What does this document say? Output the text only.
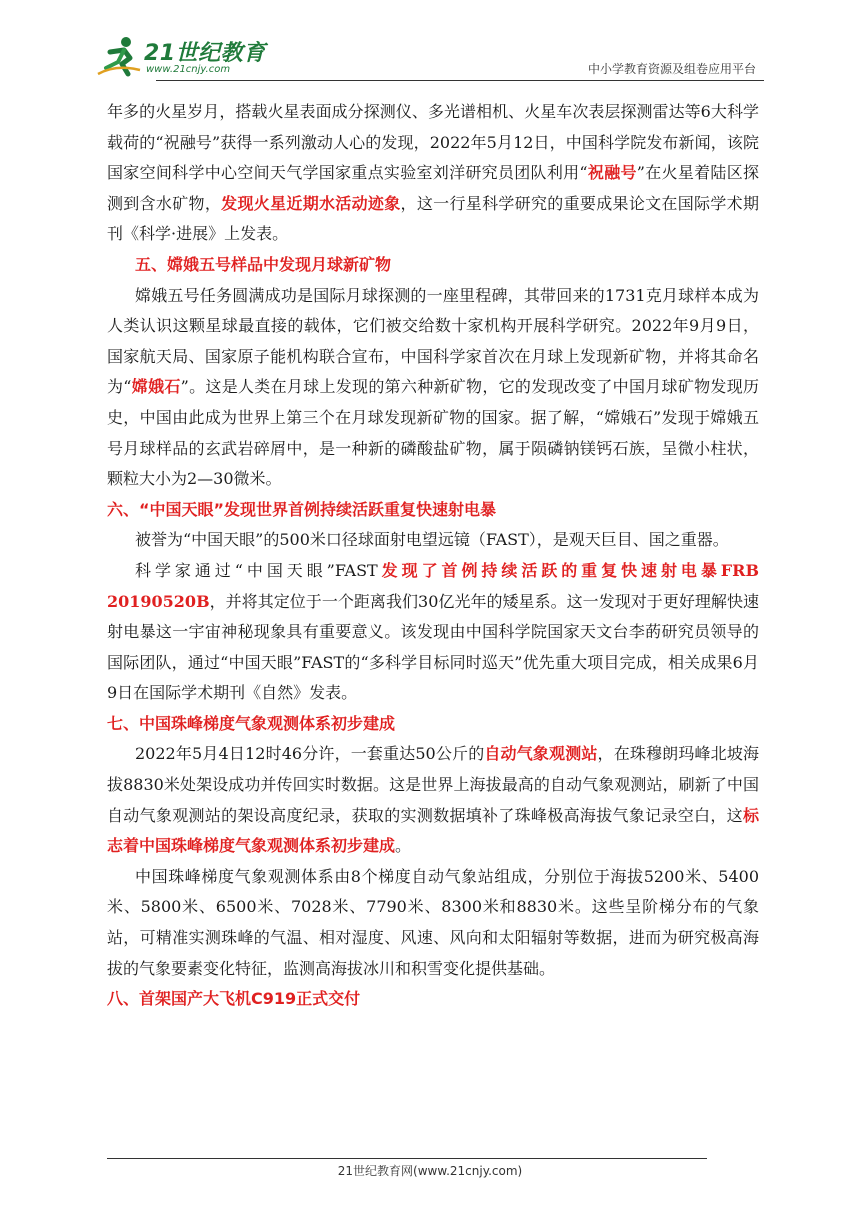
21世纪教育
www.21cnjy.com	中小学教育资源及组卷应用平台

年多的火星岁月，搭载火星表面成分探测仪、多光谱相机、火星车次表层探测雷达等6大科学载荷的“祝融号”获得一系列激动人心的发现，2022年5月12日，中国科学院发布新闻，该院国家空间科学中心空间天气学国家重点实验室刘洋研究员团队利用“祝融号”在火星着陆区探测到含水矿物，发现火星近期水活动迹象，这一行星科学研究的重要成果论文在国际学术期刊《科学·进展》上发表。

五、嫦娥五号样品中发现月球新矿物

嫦娥五号任务圆满成功是国际月球探测的一座里程碑，其带回来的1731克月球样本成为人类认识这颗星球最直接的载体，它们被交给数十家机构开展科学研究。2022年9月9日，国家航天局、国家原子能机构联合宣布，中国科学家首次在月球上发现新矿物，并将其命名为“嫦娥石”。这是人类在月球上发现的第六种新矿物，它的发现改变了中国月球矿物发现历史，中国由此成为世界上第三个在月球发现新矿物的国家。据了解，“嫦娥石”发现于嫦娥五号月球样品的玄武岩碎屑中，是一种新的磷酸盐矿物，属于陨磷钠镁钙石族，呈微小柱状，颗粒大小为2—30微米。

六、“中国天眼”发现世界首例持续活跃重复快速射电暴

被誉为“中国天眼”的500米口径球面射电望远镜（FAST），是观天巨目、国之重器。

科学家通过“中国天眼”FAST发现了首例持续活跃的重复快速射电暴FRB 20190520B，并将其定位于一个距离我们30亿光年的矮星系。这一发现对于更好理解快速射电暴这一宇宙神秘现象具有重要意义。该发现由中国科学院国家天文台李菂研究员领导的国际团队，通过“中国天眼”FAST的“多科学目标同时巡天”优先重大项目完成，相关成果6月9日在国际学术期刊《自然》发表。

七、中国珠峰梯度气象观测体系初步建成

2022年5月4日12时46分许，一套重达50公斤的自动气象观测站，在珠穆朗玛峰北坡海拔8830米处架设成功并传回实时数据。这是世界上海拔最高的自动气象观测站，刷新了中国自动气象观测站的架设高度纪录，获取的实测数据填补了珠峰极高海拔气象记录空白，这标志着中国珠峰梯度气象观测体系初步建成。

中国珠峰梯度气象观测体系由8个梯度自动气象站组成，分别位于海拔5200米、5400米、5800米、6500米、7028米、7790米、8300米和8830米。这些呈阶梯分布的气象站，可精准实测珠峰的气温、相对湿度、风速、风向和太阳辐射等数据，进而为研究极高海拔的气象要素变化特征，监测高海拔冰川和积雪变化提供基础。

八、首架国产大飞机C919正式交付

21世纪教育网(www.21cnjy.com)
